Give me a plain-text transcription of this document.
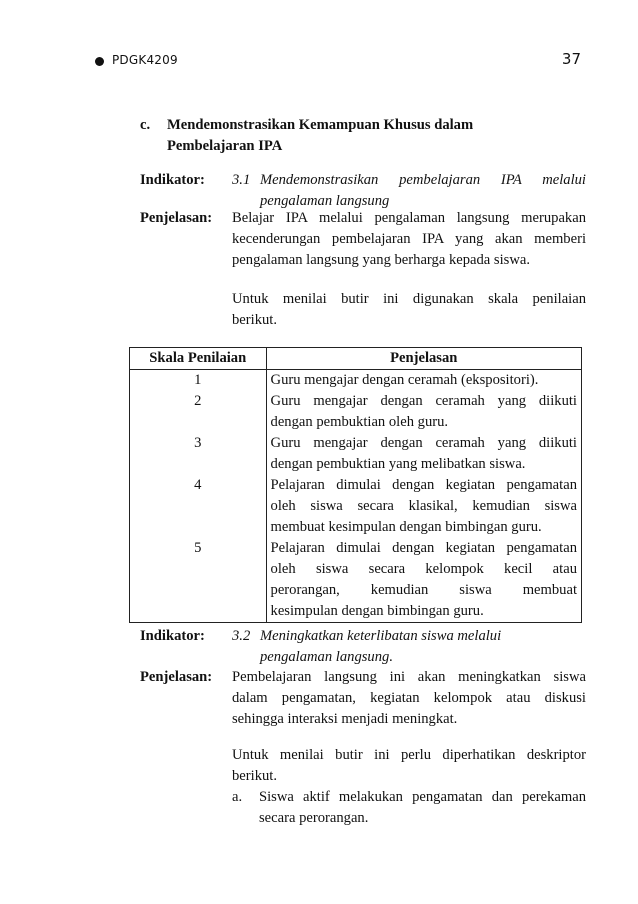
PDGK4209	37
c. Mendemonstrasikan Kemampuan Khusus dalam
Pembelajaran IPA
Indikator: 3.1 Mendemonstrasikan pembelajaran IPA melalui
pengalaman langsung
Penjelasan: Belajar IPA melalui pengalaman langsung merupakan
kecenderungan pembelajaran IPA yang akan memberi
pengalaman langsung yang berharga kepada siswa.
Untuk menilai butir ini digunakan skala penilaian
berikut.
Skala Penilaian	Penjelasan
1	Guru mengajar dengan ceramah (ekspositori).

2	Guru mengajar dengan ceramah yang diikuti
dengan pembuktian oleh guru.

3	Guru mengajar dengan ceramah yang diikuti
dengan pembuktian yang melibatkan siswa.

4	Pelajaran dimulai dengan kegiatan pengamatan
oleh siswa secara klasikal, kemudian siswa
membuat kesimpulan dengan bimbingan guru.

5	Pelajaran dimulai dengan kegiatan pengamatan
oleh siswa secara kelompok kecil atau
perorangan, kemudian siswa membuat
kesimpulan dengan bimbingan guru.
Indikator: 3.2 Meningkatkan keterlibatan siswa melalui
pengalaman langsung.
Penjelasan: Pembelajaran langsung ini akan meningkatkan siswa
dalam pengamatan, kegiatan kelompok atau diskusi
sehingga interaksi menjadi meningkat.
Untuk menilai butir ini perlu diperhatikan deskriptor
berikut.
a. Siswa aktif melakukan pengamatan dan perekaman
secara perorangan.
